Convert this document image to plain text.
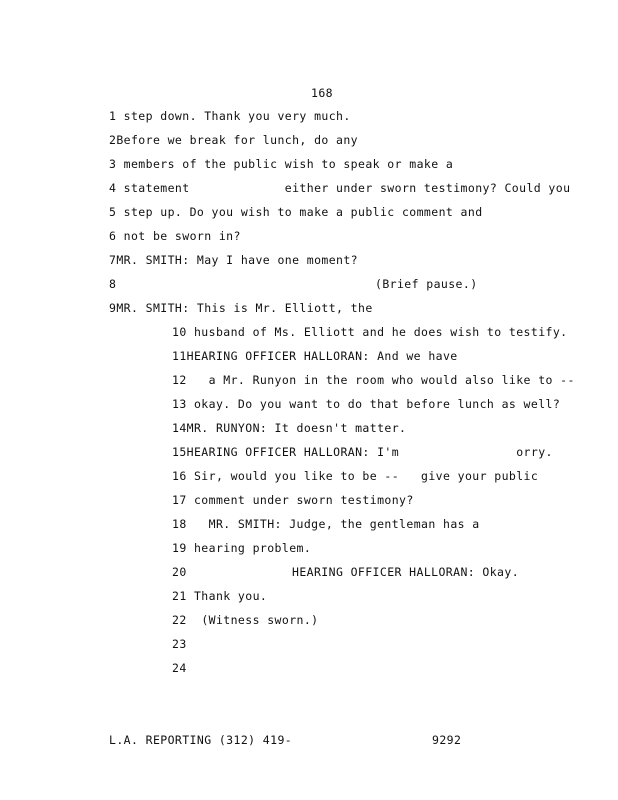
168
1 step down. Thank you very much.
2Before we break for lunch, do any
3 members of the public wish to speak or make a
4 statement             either under sworn testimony? Could you
5 step up. Do you wish to make a public comment and
6 not be sworn in?
7MR. SMITH: May I have one moment?
8	(Brief pause.)
9MR. SMITH: This is Mr. Elliott, the
10 husband of Ms. Elliott and he does wish to testify.
11HEARING OFFICER HALLORAN: And we have
12 a Mr. Runyon in the room who would also like to --
13 okay. Do you want to do that before lunch as well?
14MR. RUNYON: It doesn't matter.
15HEARING OFFICER HALLORAN: I'm                orry.
16 Sir, would you like to be --   give your public
17 comment under sworn testimony?
18 MR. SMITH: Judge, the gentleman has a
19 hearing problem.
20	HEARING OFFICER HALLORAN: Okay.
21 Thank you.
22 (Witness sworn.)
23
24
L.A. REPORTING (312) 419-	9292
